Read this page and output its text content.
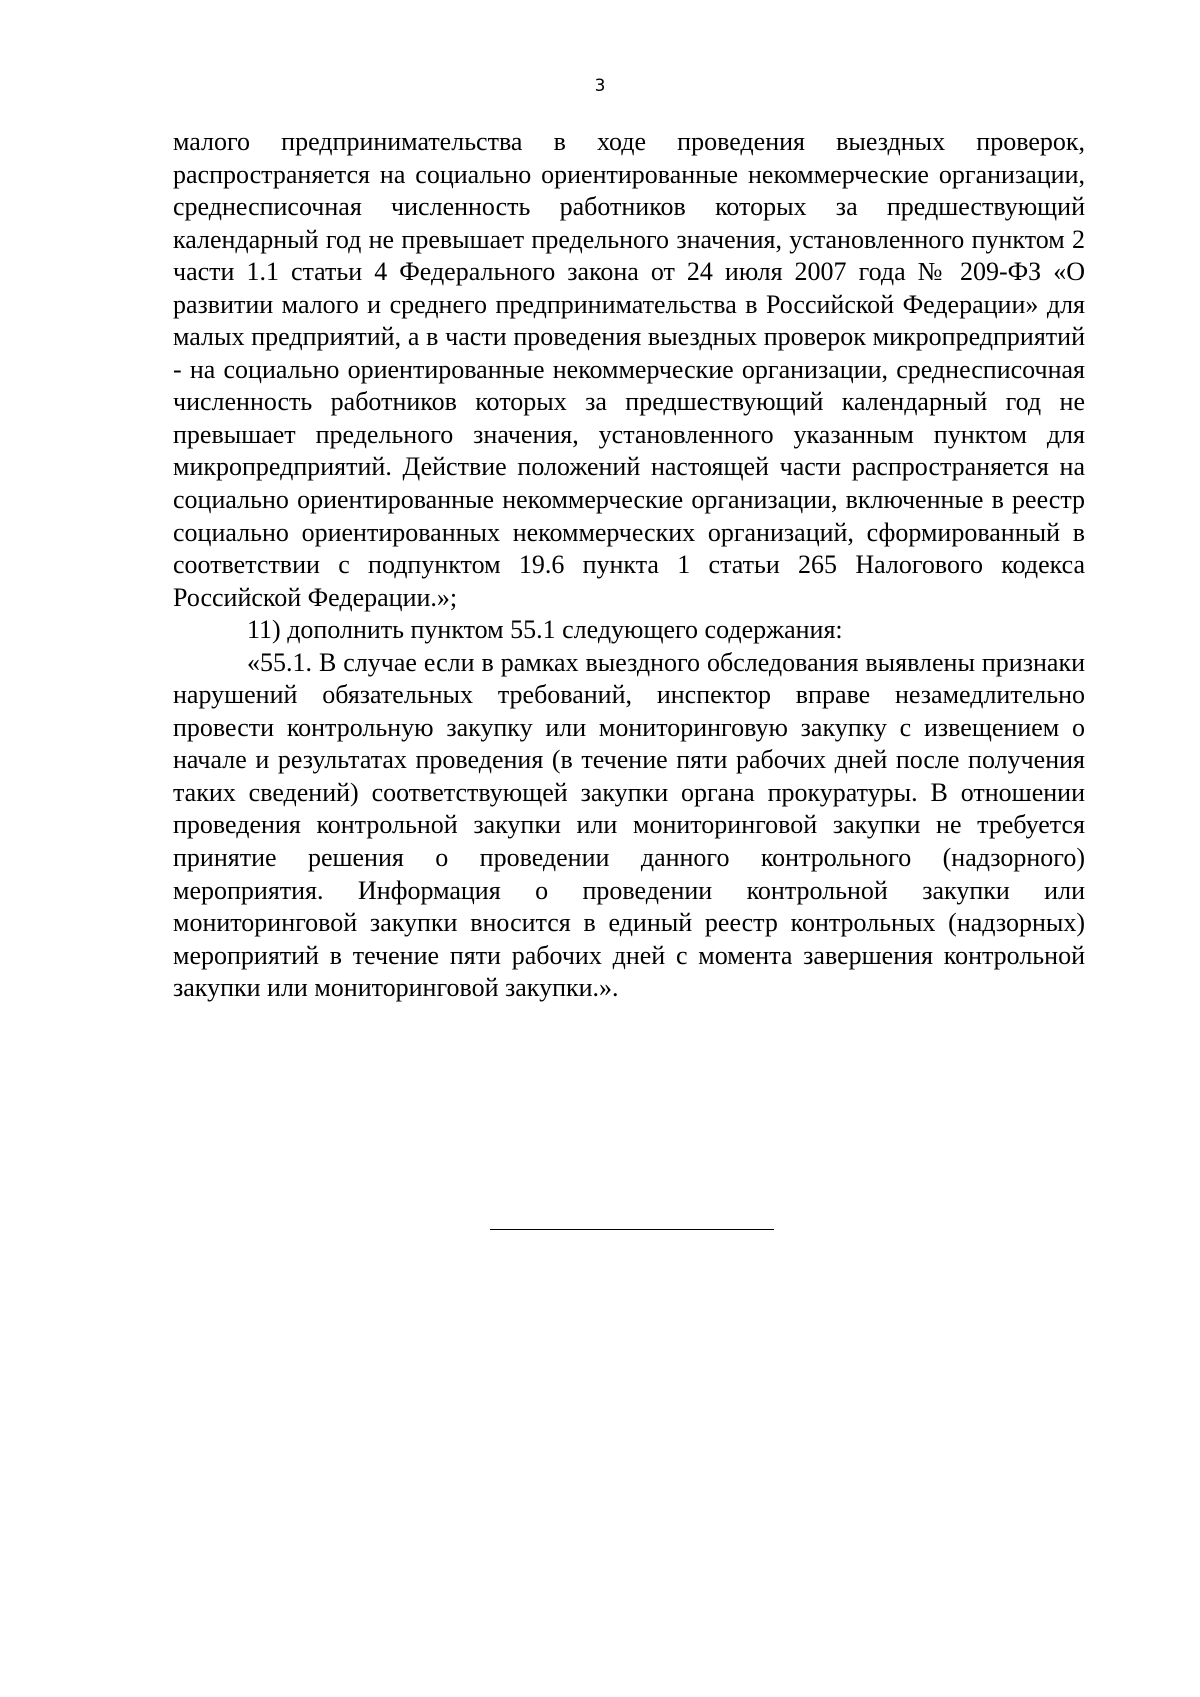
3

малого предпринимательства в ходе проведения выездных проверок, распространяется на социально ориентированные некоммерческие организации, среднесписочная численность работников которых за предшествующий календарный год не превышает предельного значения, установленного пунктом 2 части 1.1 статьи 4 Федерального закона от 24 июля 2007 года № 209-ФЗ «О развитии малого и среднего предпринимательства в Российской Федерации» для малых предприятий, а в части проведения выездных проверок микропредприятий - на социально ориентированные некоммерческие организации, среднесписочная численность работников которых за предшествующий календарный год не превышает предельного значения, установленного указанным пунктом для микропредприятий. Действие положений настоящей части распространяется на социально ориентированные некоммерческие организации, включенные в реестр социально ориентированных некоммерческих организаций, сформированный в соответствии с подпунктом 19.6 пункта 1 статьи 265 Налогового кодекса Российской Федерации.»;

11) дополнить пунктом 55.1 следующего содержания:

«55.1. В случае если в рамках выездного обследования выявлены признаки нарушений обязательных требований, инспектор вправе незамедлительно провести контрольную закупку или мониторинговую закупку с извещением о начале и результатах проведения (в течение пяти рабочих дней после получения таких сведений) соответствующей закупки органа прокуратуры. В отношении проведения контрольной закупки или мониторинговой закупки не требуется принятие решения о проведении данного контрольного (надзорного) мероприятия. Информация о проведении контрольной закупки или мониторинговой закупки вносится в единый реестр контрольных (надзорных) мероприятий в течение пяти рабочих дней с момента завершения контрольной закупки или мониторинговой закупки.».
